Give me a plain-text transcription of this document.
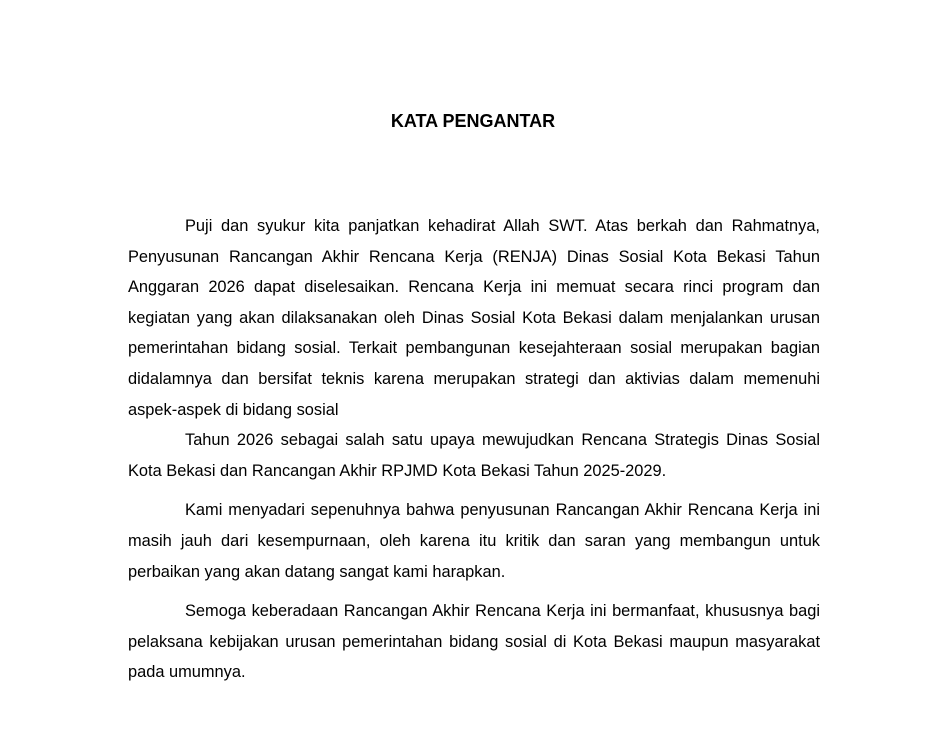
KATA PENGANTAR

Puji dan syukur kita panjatkan kehadirat Allah SWT. Atas berkah dan Rahmatnya, Penyusunan Rancangan Akhir Rencana Kerja (RENJA) Dinas Sosial Kota Bekasi Tahun Anggaran 2026 dapat diselesaikan. Rencana Kerja ini memuat secara rinci program dan kegiatan yang akan dilaksanakan oleh Dinas Sosial Kota Bekasi dalam menjalankan urusan pemerintahan bidang sosial. Terkait pembangunan kesejahteraan sosial merupakan bagian didalamnya dan bersifat teknis karena merupakan strategi dan aktivias dalam memenuhi aspek-aspek di bidang sosial

Tahun 2026 sebagai salah satu upaya mewujudkan Rencana Strategis Dinas Sosial Kota Bekasi dan Rancangan Akhir RPJMD Kota Bekasi Tahun 2025-2029.

Kami menyadari sepenuhnya bahwa penyusunan Rancangan Akhir Rencana Kerja ini masih jauh dari kesempurnaan, oleh karena itu kritik dan saran yang membangun untuk perbaikan yang akan datang sangat kami harapkan.

Semoga keberadaan Rancangan Akhir Rencana Kerja ini bermanfaat, khususnya bagi pelaksana kebijakan urusan pemerintahan bidang sosial di Kota Bekasi maupun masyarakat pada umumnya.
